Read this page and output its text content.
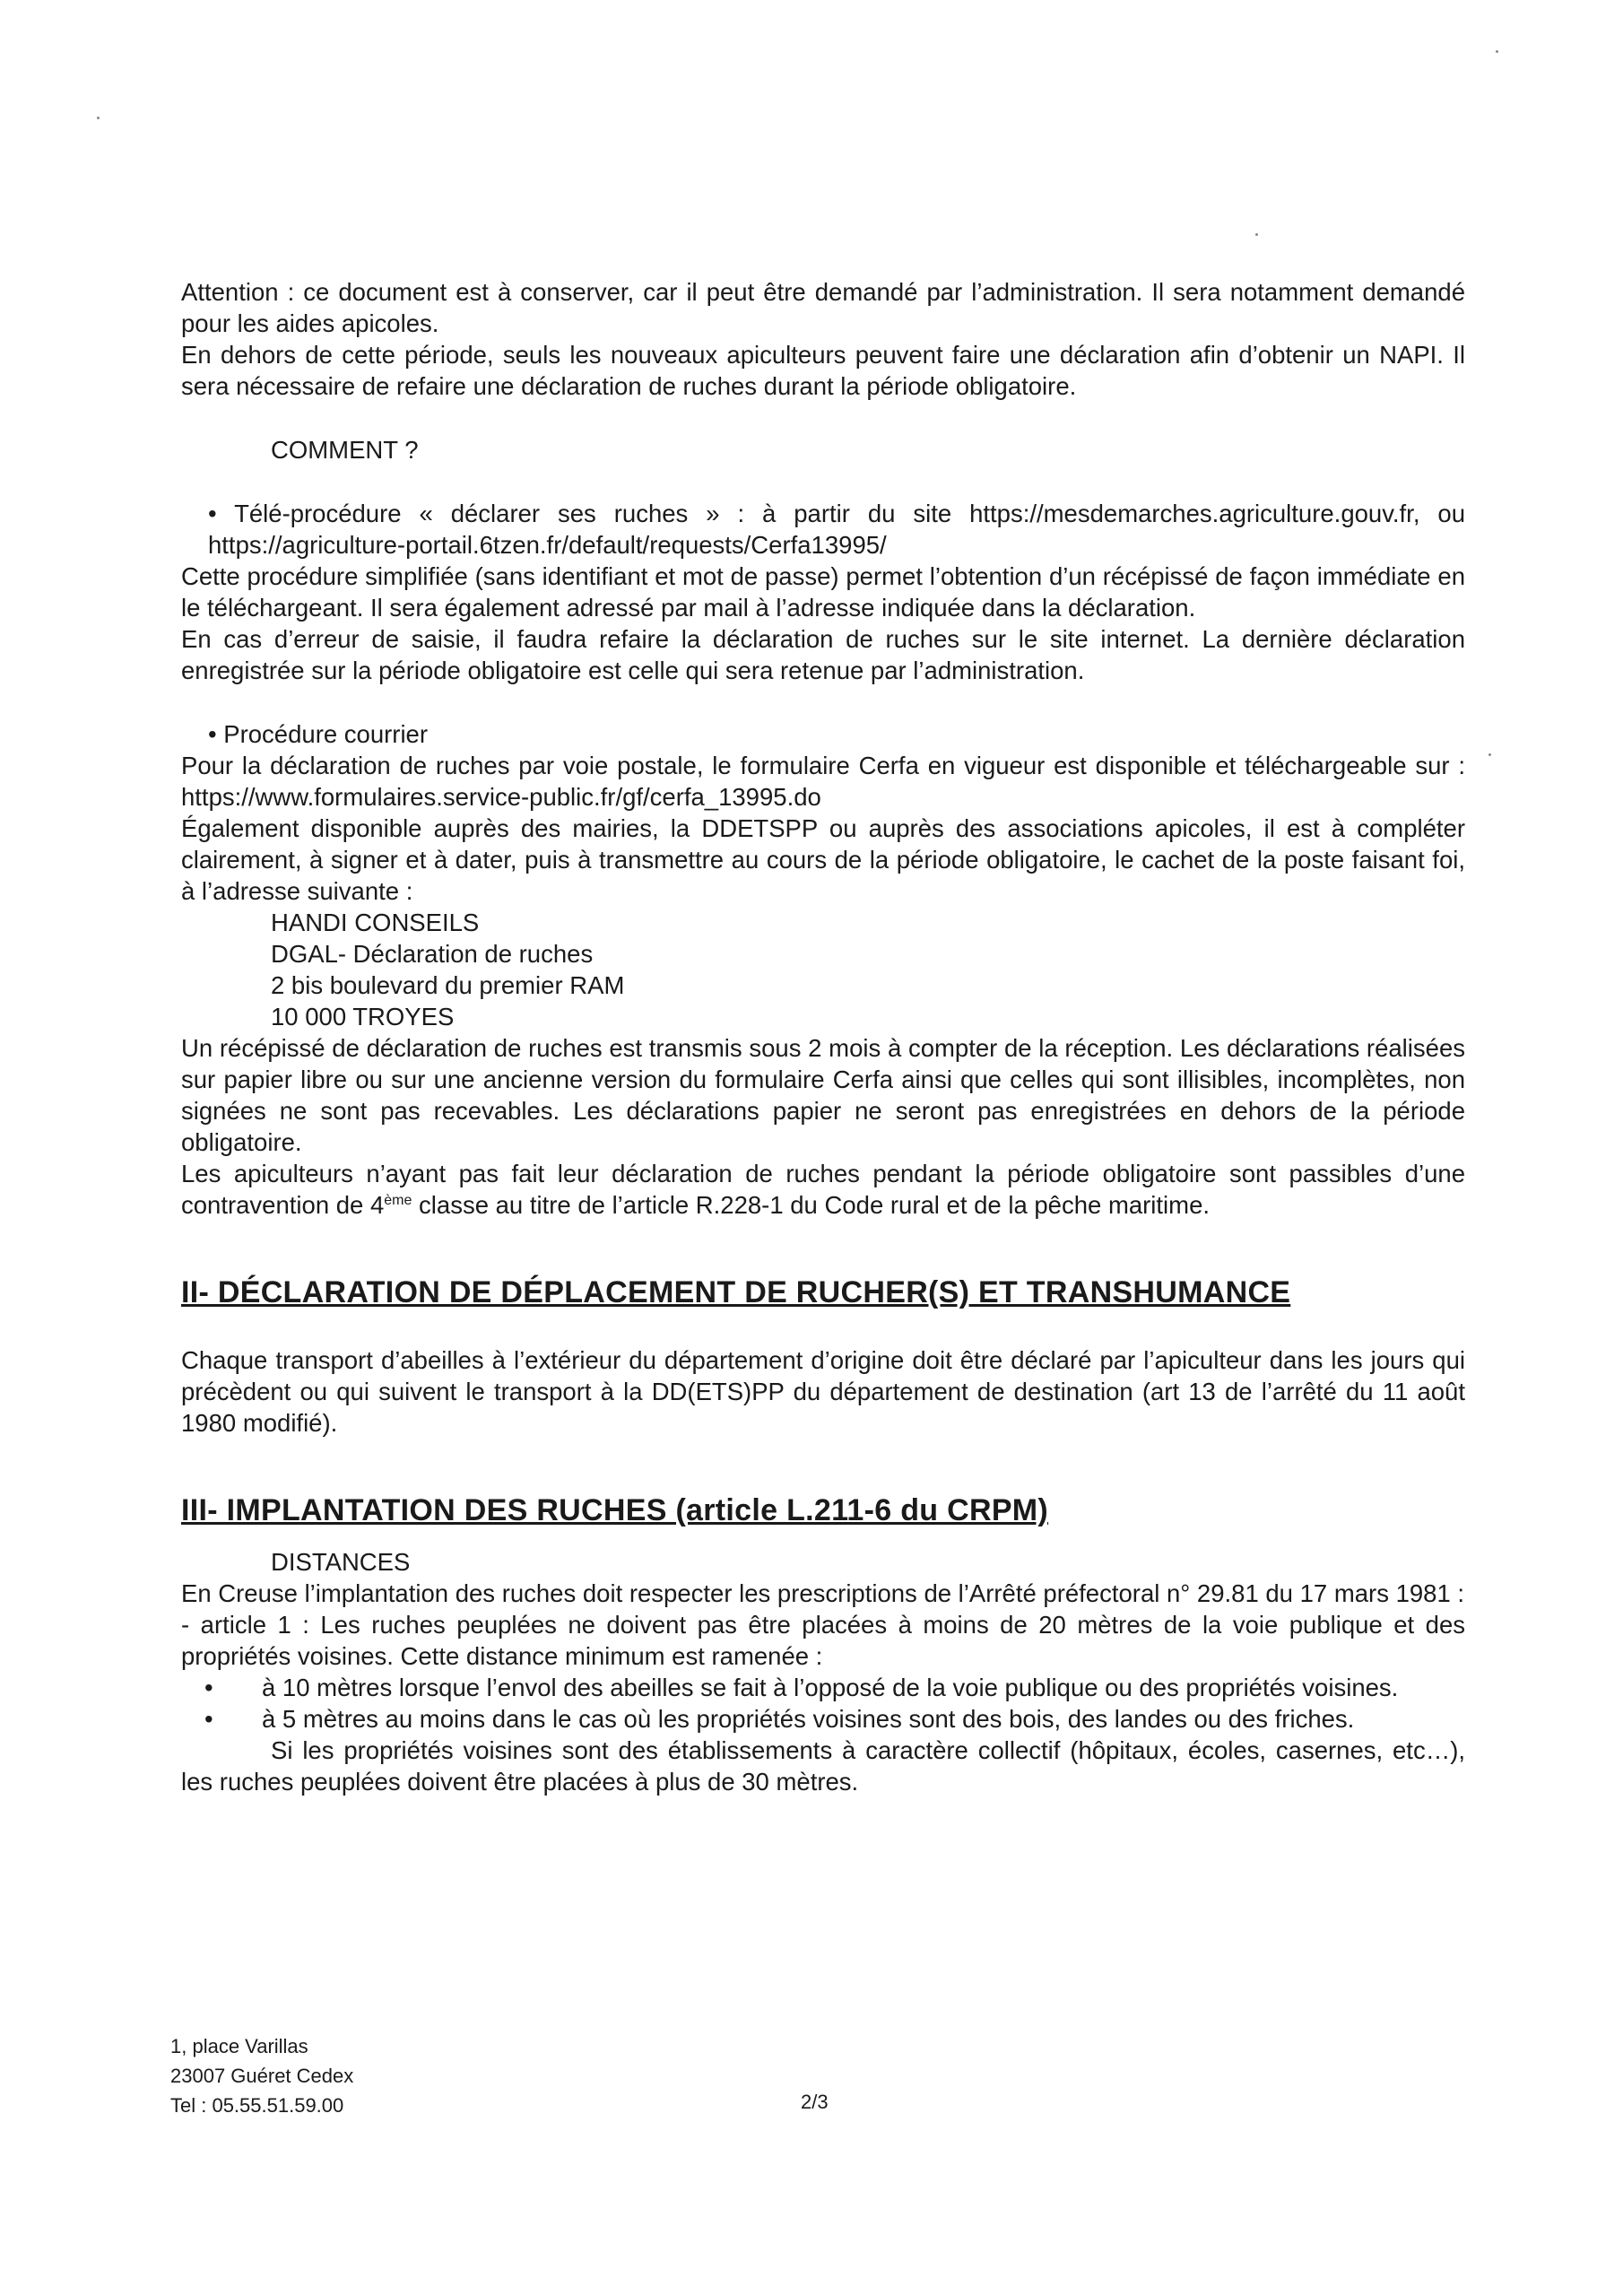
Attention : ce document est à conserver, car il peut être demandé par l’administration. Il sera notamment demandé pour les aides apicoles.

En dehors de cette période, seuls les nouveaux apiculteurs peuvent faire une déclaration afin d’obtenir un NAPI. Il sera nécessaire de refaire une déclaration de ruches durant la période obligatoire.

COMMENT ?

• Télé-procédure « déclarer ses ruches » : à partir du site https://mesdemarches.agriculture.gouv.fr, ou https://agriculture-portail.6tzen.fr/default/requests/Cerfa13995/

Cette procédure simplifiée (sans identifiant et mot de passe) permet l’obtention d’un récépissé de façon immédiate en le téléchargeant. Il sera également adressé par mail à l’adresse indiquée dans la déclaration.

En cas d’erreur de saisie, il faudra refaire la déclaration de ruches sur le site internet. La dernière déclaration enregistrée sur la période obligatoire est celle qui sera retenue par l’administration.

• Procédure courrier

Pour la déclaration de ruches par voie postale, le formulaire Cerfa en vigueur est disponible et téléchargeable sur : https://www.formulaires.service-public.fr/gf/cerfa_13995.do

Également disponible auprès des mairies, la DDETSPP ou auprès des associations apicoles, il est à compléter clairement, à signer et à dater, puis à transmettre au cours de la période obligatoire, le cachet de la poste faisant foi, à l’adresse suivante :

HANDI CONSEILS
DGAL- Déclaration de ruches
2 bis boulevard du premier RAM
10 000 TROYES

Un récépissé de déclaration de ruches est transmis sous 2 mois à compter de la réception. Les déclarations réalisées sur papier libre ou sur une ancienne version du formulaire Cerfa ainsi que celles qui sont illisibles, incomplètes, non signées ne sont pas recevables. Les déclarations papier ne seront pas enregistrées en dehors de la période obligatoire.

Les apiculteurs n’ayant pas fait leur déclaration de ruches pendant la période obligatoire sont passibles d’une contravention de 4ème classe au titre de l’article R.228-1 du Code rural et de la pêche maritime.

II- DÉCLARATION DE DÉPLACEMENT DE RUCHER(S) ET TRANSHUMANCE

Chaque transport d’abeilles à l’extérieur du département d’origine doit être déclaré par l’apiculteur dans les jours qui précèdent ou qui suivent le transport à la DD(ETS)PP du département de destination (art 13 de l’arrêté du 11 août 1980 modifié).

III- IMPLANTATION DES RUCHES (article L.211-6 du CRPM)

DISTANCES

En Creuse l’implantation des ruches doit respecter les prescriptions de l’Arrêté préfectoral n° 29.81 du 17 mars 1981 :

- article 1 : Les ruches peuplées ne doivent pas être placées à moins de 20 mètres de la voie publique et des propriétés voisines. Cette distance minimum est ramenée :

•	à 10 mètres lorsque l’envol des abeilles se fait à l’opposé de la voie publique ou des propriétés voisines.
•	à 5 mètres au moins dans le cas où les propriétés voisines sont des bois, des landes ou des friches.

Si les propriétés voisines sont des établissements à caractère collectif (hôpitaux, écoles, casernes, etc…), les ruches peuplées doivent être placées à plus de 30 mètres.

1, place Varillas
23007 Guéret Cedex
Tel : 05.55.51.59.00	2/3
